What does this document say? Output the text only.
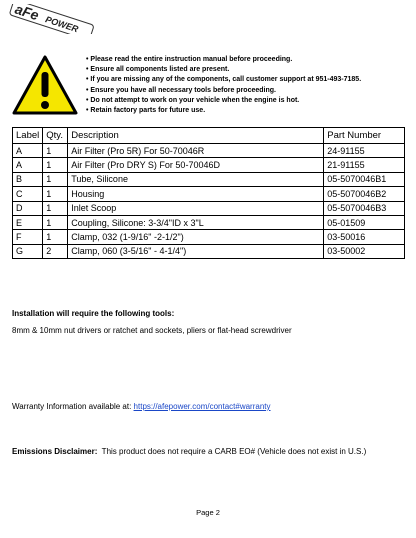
aFe
POWER
• Please read the entire instruction manual before proceeding.
• Ensure all components listed are present.
• If you are missing any of the components, call customer support at 951-493-7185.
• Ensure you have all necessary tools before proceeding.
• Do not attempt to work on your vehicle when the engine is hot.
• Retain factory parts for future use.
Label	Qty.	Description	Part Number
A	1	Air Filter (Pro 5R) For 50-70046R	24-91155
A	1	Air Filter (Pro DRY S) For 50-70046D	21-91155
B	1	Tube, Silicone	05-5070046B1
C	1	Housing	05-5070046B2
D	1	Inlet Scoop	05-5070046B3
E	1	Coupling, Silicone: 3-3/4"ID x 3"L	05-01509
F	1	Clamp, 032 (1-9/16" -2-1/2")	03-50016
G	2	Clamp, 060 (3-5/16" - 4-1/4")	03-50002
Installation will require the following tools:
8mm & 10mm nut drivers or ratchet and sockets, pliers or flat-head screwdriver
Warranty Information available at: https://afepower.com/contact#warranty
Emissions Disclaimer:  This product does not require a CARB EO# (Vehicle does not exist in U.S.)
Page 2
